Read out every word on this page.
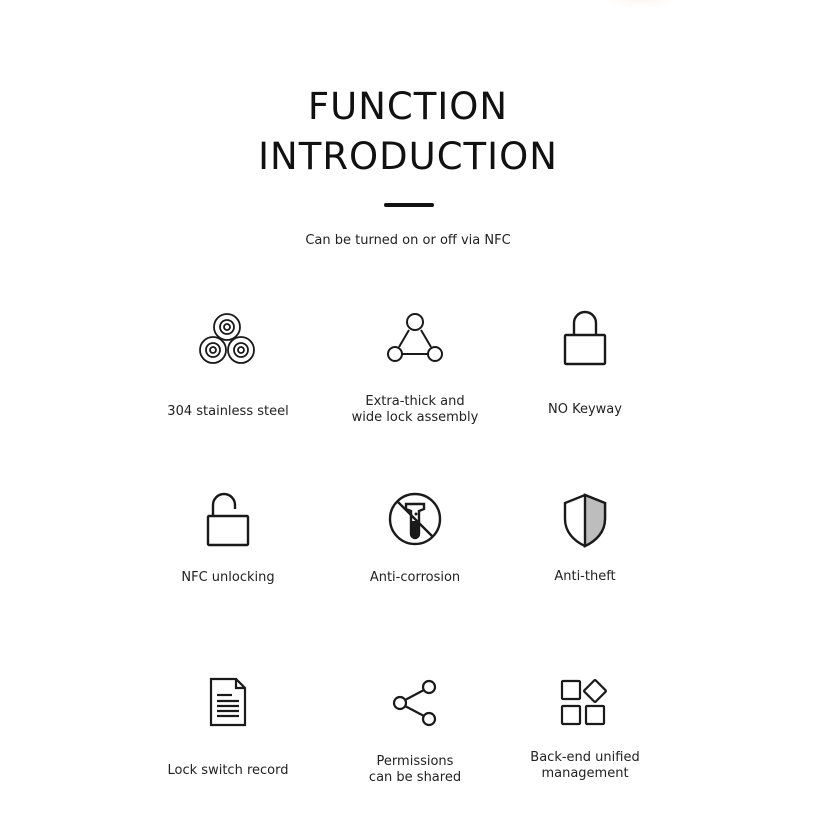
FUNCTION
INTRODUCTION
Can be turned on or off via NFC
304 stainless steel
Extra-thick and
wide lock assembly
NO Keyway
NFC unlocking	Anti-corrosion	Anti-theft
Lock switch record
Permissions
can be shared
Back-end unified
management
